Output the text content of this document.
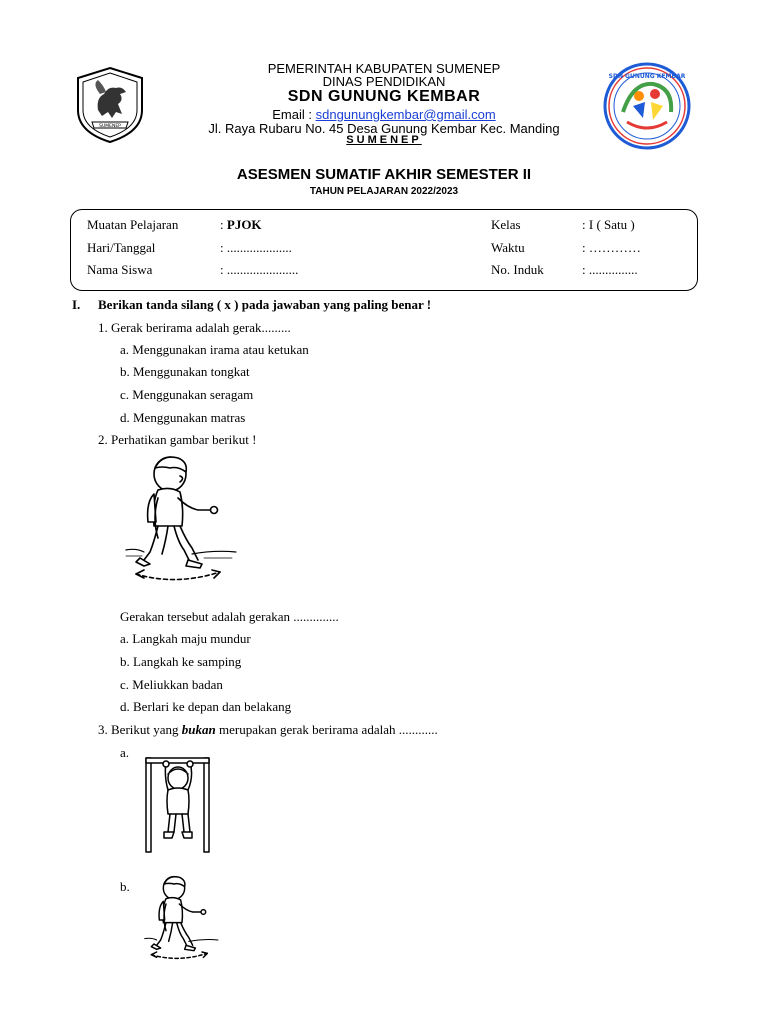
SUMENEP
SDN GUNUNG KEMBAR
PEMERINTAH KABUPATEN SUMENEP
DINAS PENDIDIKAN
SDN GUNUNG KEMBAR
Email : sdngunungkembar@gmail.com
Jl. Raya Rubaru No. 45 Desa Gunung Kembar Kec. Manding
SUMENEP
ASESMEN SUMATIF AKHIR SEMESTER II
TAHUN PELAJARAN 2022/2023
Muatan Pelajaran	: PJOK
Hari/Tanggal	: ....................
Nama Siswa	: ......................
Kelas	: I ( Satu )
Waktu	: …………
No. Induk	: ...............
I. Berikan tanda silang ( x ) pada jawaban yang paling benar !
1. Gerak berirama adalah gerak.........
a. Menggunakan irama atau ketukan
b. Menggunakan tongkat
c. Menggunakan seragam
d. Menggunakan matras
2. Perhatikan gambar berikut !
Gerakan tersebut adalah gerakan ..............
a. Langkah maju mundur
b. Langkah ke samping
c. Meliukkan badan
d. Berlari ke depan dan belakang
3. Berikut yang bukan merupakan gerak berirama adalah ............
a.
b.
